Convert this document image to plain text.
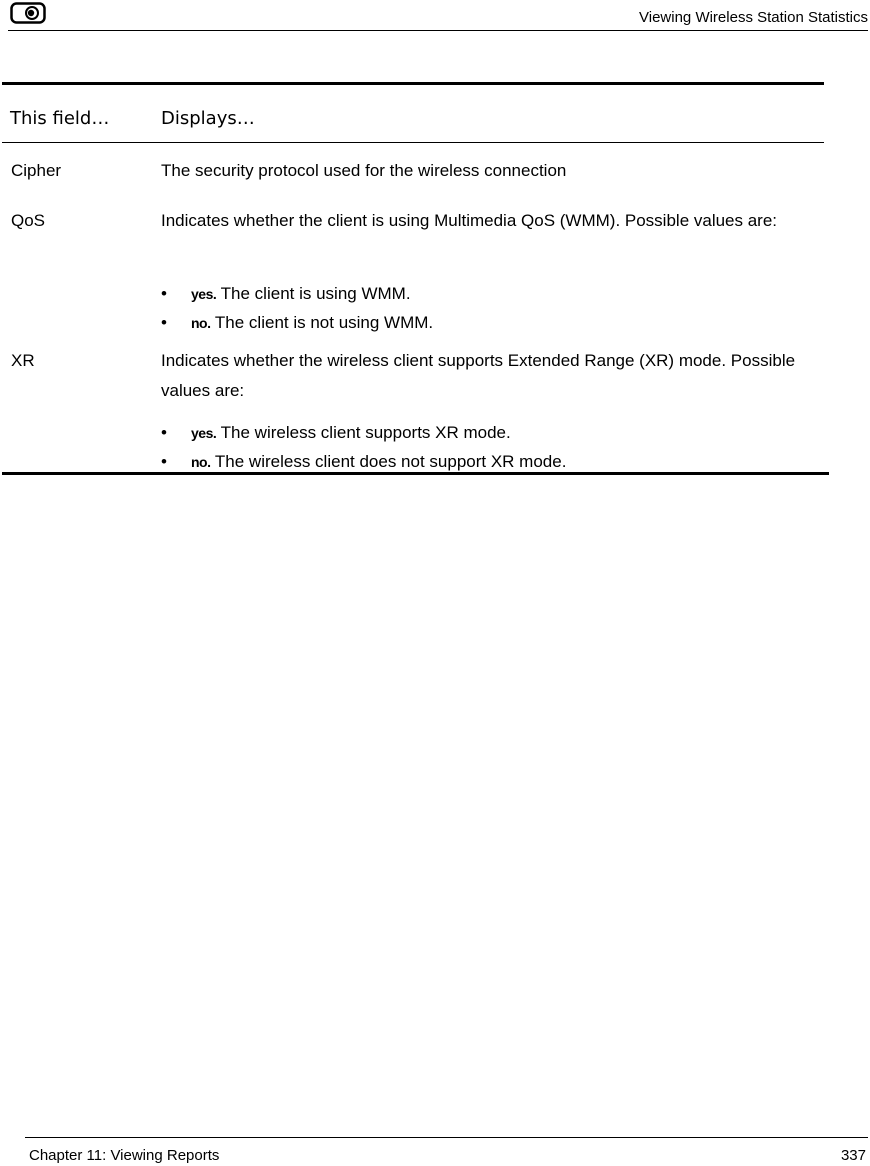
Viewing Wireless Station Statistics
This field…	Displays…
Cipher	The security protocol used for the wireless connection
QoS	Indicates whether the client is using Multimedia QoS (WMM). Possible values are:
• yes. The client is using WMM.
• no. The client is not using WMM.
XR	Indicates whether the wireless client supports Extended Range (XR) mode. Possible values are:
• yes. The wireless client supports XR mode.
• no. The wireless client does not support XR mode.
Chapter 11: Viewing Reports	337
